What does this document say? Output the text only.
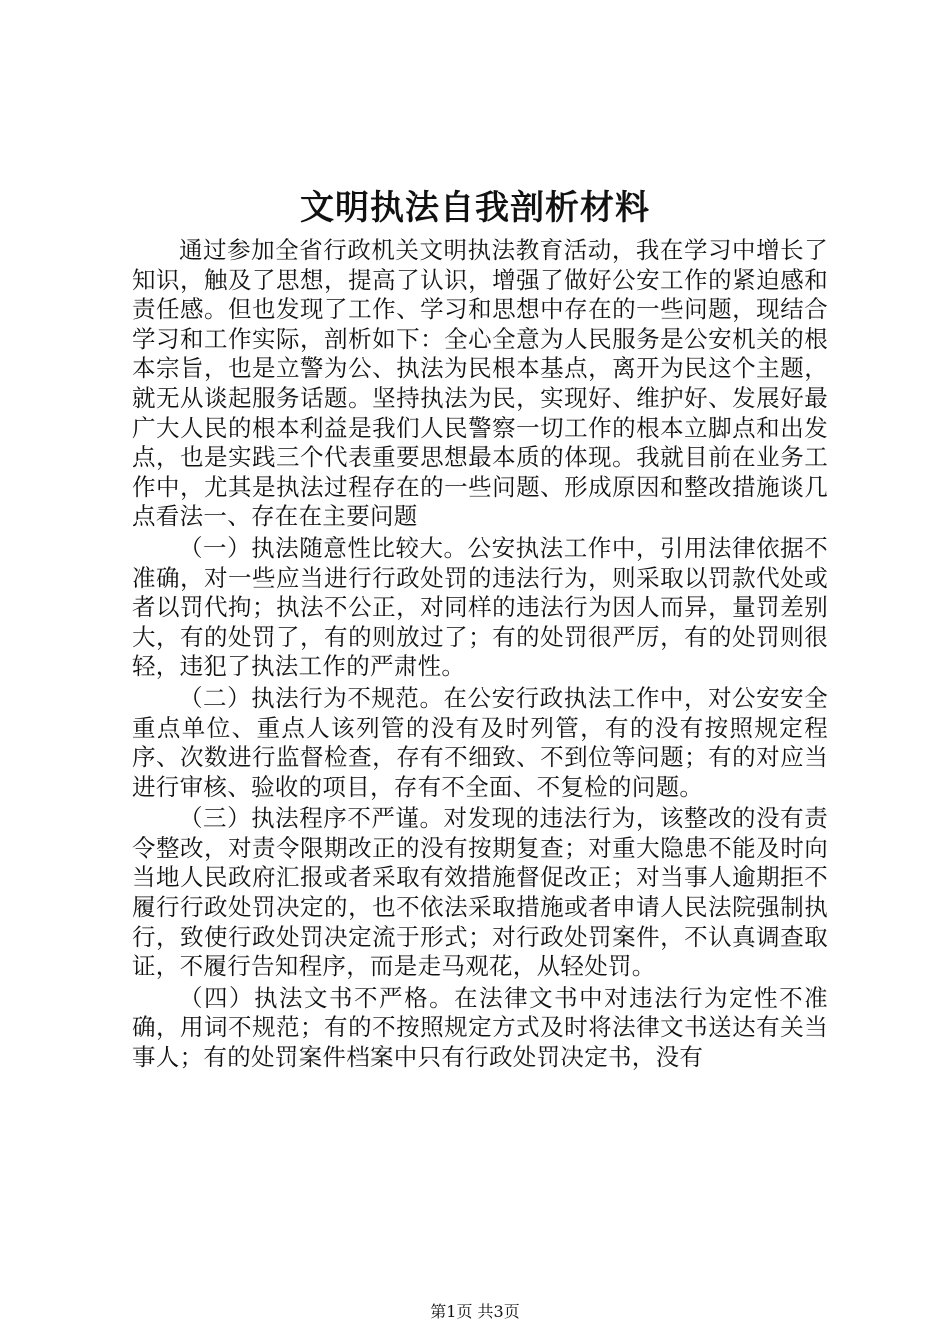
文明执法自我剖析材料

通过参加全省行政机关文明执法教育活动，我在学习中增长了知识，触及了思想，提高了认识，增强了做好公安工作的紧迫感和责任感。但也发现了工作、学习和思想中存在的一些问题，现结合学习和工作实际，剖析如下：全心全意为人民服务是公安机关的根本宗旨，也是立警为公、执法为民根本基点，离开为民这个主题，就无从谈起服务话题。坚持执法为民，实现好、维护好、发展好最广大人民的根本利益是我们人民警察一切工作的根本立脚点和出发点，也是实践三个代表重要思想最本质的体现。我就目前在业务工作中，尤其是执法过程存在的一些问题、形成原因和整改措施谈几点看法一、存在在主要问题

（一）执法随意性比较大。公安执法工作中，引用法律依据不准确，对一些应当进行行政处罚的违法行为，则采取以罚款代处或者以罚代拘；执法不公正，对同样的违法行为因人而异，量罚差别大，有的处罚了，有的则放过了；有的处罚很严厉，有的处罚则很轻，违犯了执法工作的严肃性。

（二）执法行为不规范。在公安行政执法工作中，对公安安全重点单位、重点人该列管的没有及时列管，有的没有按照规定程序、次数进行监督检查，存有不细致、不到位等问题；有的对应当进行审核、验收的项目，存有不全面、不复检的问题。

（三）执法程序不严谨。对发现的违法行为，该整改的没有责令整改，对责令限期改正的没有按期复查；对重大隐患不能及时向当地人民政府汇报或者采取有效措施督促改正；对当事人逾期拒不履行行政处罚决定的，也不依法采取措施或者申请人民法院强制执行，致使行政处罚决定流于形式；对行政处罚案件，不认真调查取证，不履行告知程序，而是走马观花，从轻处罚。

（四）执法文书不严格。在法律文书中对违法行为定性不准确，用词不规范；有的不按照规定方式及时将法律文书送达有关当事人；有的处罚案件档案中只有行政处罚决定书，没有

第1页 共3页
